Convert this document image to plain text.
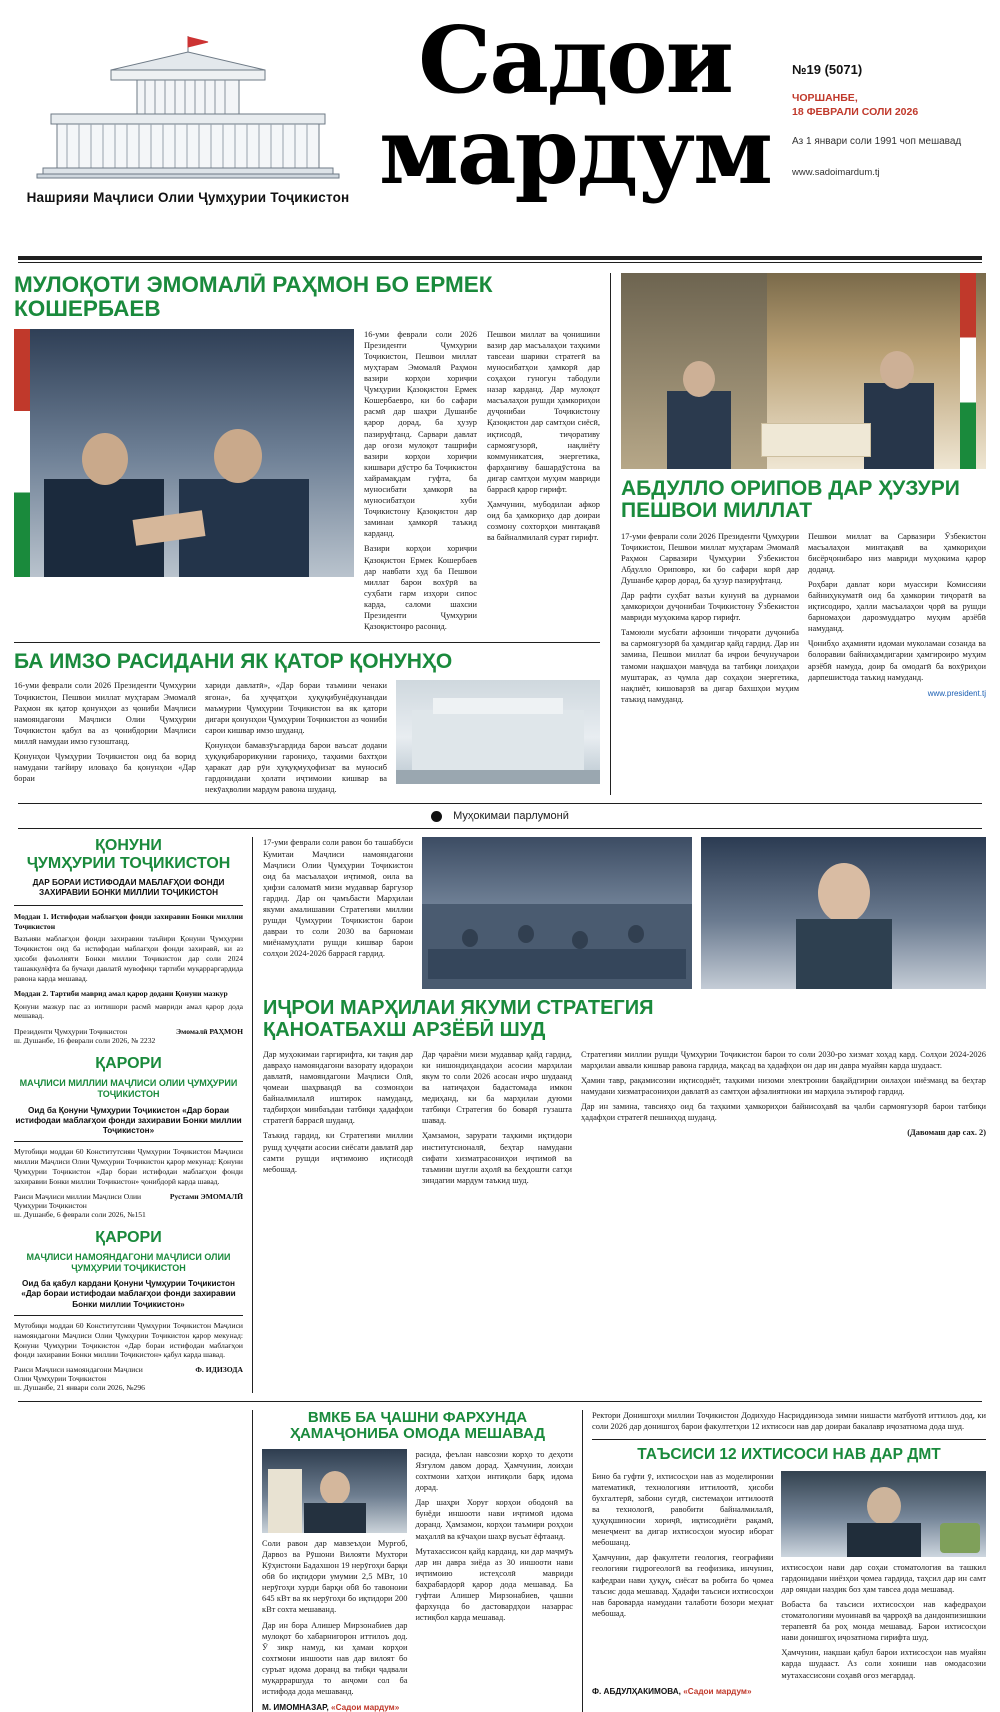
Нашрияи Маҷлиси Олии Ҷумҳурии Тоҷикистон
Садои
мардум
№19 (5071)
ЧОРШАНБЕ,
18 ФЕВРАЛИ СОЛИ 2026
Аз 1 январи соли 1991 чоп мешавад
www.sadoimardum.tj
МУЛОҚОТИ ЭМОМАЛӢ РАҲМОН БО ЕРМЕК КОШЕРБАЕВ
16-уми феврали соли 2026 Президенти Ҷумҳурии Тоҷикистон, Пешвои миллат муҳтарам Эмомалӣ Раҳмон вазири корҳои хориҷии Ҷумҳурии Қазоқистон Ермек Кошербаевро, ки бо сафари расмӣ дар шаҳри Душанбе қарор дорад, ба ҳузур пазируфтанд. Сарвари давлат дар оғози мулоқот ташрифи вазири корҳои хориҷии кишвари дӯстро ба Тоҷикистон хайрамақдам гуфта, ба муносибати ҳамкорӣ ва муносибатҳои хуби Тоҷикистону Қазоқистон дар заминаи ҳамкорӣ таъкид карданд.
Вазири корҳои хориҷии Қазоқистон Ермек Кошербаев дар навбати худ ба Пешвои миллат барои вохӯрӣ ва суҳбати гарм изҳори сипос карда, саломи шахсии Президенти Ҷумҳурии Қазоқистонро расонид.
Пешвои миллат ва ҷонишини вазир дар масъалаҳои таҳкими тавсеаи шарики стратегӣ ва муносибатҳои ҳамкорӣ дар соҳаҳои гуногун табодули назар карданд. Дар мулоқот масъалаҳои рушди ҳамкориҳои дуҷонибаи Тоҷикистону Қазоқистон дар самтҳои сиёсӣ, иқтисодӣ, тиҷоративу сармоягузорӣ, нақлиёту коммуникатсия, энергетика, фарҳангиву башардӯстона ва дигар самтҳои муҳим мавриди баррасӣ қарор гирифт.
Ҳамчунин, мубодилаи афкор оид ба ҳамкориҳо дар доираи созмону сохторҳои минтақавӣ ва байналмилалӣ сурат гирифт.
БА ИМЗО РАСИДАНИ ЯК ҚАТОР ҚОНУНҲО
16-уми феврали соли 2026 Президенти Ҷумҳурии Тоҷикистон, Пешвои миллат муҳтарам Эмомалӣ Раҳмон як қатор қонунҳои аз ҷониби Маҷлиси намояндагони Маҷлиси Олии Ҷумҳурии Тоҷикистон қабул ва аз ҷонибдории Маҷлиси миллӣ намудаи имзо гузоштанд.
Қонунҳои Ҷумҳурии Тоҷикистон оид ба ворид намудани тағйиру иловаҳо ба қонунҳои «Дар бораи
хариди давлатӣ», «Дар бораи таъмини ченаки ягона», ба ҳуҷҷатҳои ҳуқуқибунёдкунандаи маъмурии Ҷумҳурии Тоҷикистон ва як қатори дигари қонунҳои Ҷумҳурии Тоҷикистон аз чониби сарои кишвар имзо шуданд.
Қонунҳои бамавзӯъгардида барои ваъсат додани ҳуқуқибарорикунии гарониҳо, таҳкими бахтҳои ҳаракат дар рӯи ҳуқуқмуҳофизат ва муносиб гардонидани ҳолати иҷтимоии кишвар ва некӯаҳволии мардум равона шуданд.
АБДУЛЛО ОРИПОВ ДАР ҲУЗУРИ ПЕШВОИ МИЛЛАТ
17-уми феврали соли 2026 Президенти Ҷумҳурии Тоҷикистон, Пешвои миллат муҳтарам Эмомалӣ Раҳмон Сарвазири Ҷумҳурии Ӯзбекистон Абдулло Ориповро, ки бо сафари корӣ дар Душанбе қарор дорад, ба ҳузур пазируфтанд.
Дар рафти суҳбат вазъи кунунӣ ва дурнамои ҳамкориҳои дуҷонибаи Тоҷикистону Ӯзбекистон мавриди муҳокима қарор гирифт.
Тамоюли мусбати афзоиши тиҷорати дуҷониба ва сармоягузорӣ ба ҳамдигар қайд гардид. Дар ин замина, Пешвои миллат ба иҷрои бечунучарои тамоми нақшаҳои мавҷуда ва татбиқи лоиҳаҳои муштарак, аз ҷумла дар соҳаҳои энергетика, нақлиёт, кишоварзӣ ва дигар бахшҳои муҳим таъкид намуданд.
Пешвои миллат ва Сарвазири Ӯзбекистон масъалаҳои минтақавӣ ва ҳамкориҳои бисёрҷонибаро низ мавриди муҳокима қарор доданд.
Роҳбари давлат кори муассири Комиссияи байниҳукуматӣ оид ба ҳамкории тиҷоратӣ ва иқтисодиро, ҳалли масъалаҳои ҷорӣ ва рушди барномаҳои дарозмуддатро муҳим арзёбӣ намуданд.
Ҷонибҳо аҳамияти идомаи муколамаи созанда ва болоравии байниҳамдигарии ҳамгироиро муҳим арзёбӣ намуда, доир ба омодагӣ ба вохӯриҳои дарпешистода таъкид намуданд.
www.president.tj
Муҳокимаи парлумонӣ
ҚОНУНИ
ҶУМҲУРИИ ТОҶИКИСТОН
ДАР БОРАИ ИСТИФОДАИ МАБЛАҒҲОИ ФОНДИ ЗАХИРАВИИ БОНКИ МИЛЛИИ ТОҶИКИСТОН
Моддаи 1. Истифодаи маблағҳои фонди захиравии Бонки миллии Тоҷикистон
Вазъияи маблағҳои фонди захиравии таъйири Қонуни Ҷумҳурии Тоҷикистон оид ба истифодаи маблағҳои фонди захиравӣ, ки аз ҳисоби фаъолияти Бонки миллии Тоҷикистон дар соли 2024 ташаккулёфта ба бучаҳи давлатӣ мувофиқи тартиби муқарраргардида равона карда мешавад.
Моддаи 2. Тартиби маврид амал қарор додани Қонуни мазкур
Қонуни мазкур пас аз интишори расмӣ мавриди амал қарор дода мешавад.
Президенти Ҷумҳурии Тоҷикистон	Эмомалӣ РАҲМОН
ш. Душанбе, 16 феврали соли 2026, № 2232
ҚАРОРИ
МАҶЛИСИ МИЛЛИИ МАҶЛИСИ ОЛИИ ҶУМҲУРИИ ТОҶИКИСТОН
Оид ба Қонуни Ҷумҳурии Тоҷикистон «Дар бораи истифодаи маблағҳои фонди захиравии Бонки миллии Тоҷикистон»
Мутобиқи моддаи 60 Конститутсияи Ҷумҳурии Тоҷикистон Маҷлиси миллии Маҷлиси Олии Ҷумҳурии Тоҷикистон қарор мекунад: Қонуни Ҷумҳурии Тоҷикистон «Дар бораи истифодаи маблағҳои фонди захиравии Бонки миллии Тоҷикистон» ҷонибдорӣ карда шавад.
Раиси Маҷлиси миллии Маҷлиси Олии Ҷумҳурии Тоҷикистон
Рустами ЭМОМАЛӢ
ш. Душанбе, 6 феврали соли 2026, №151
ҚАРОРИ
МАҶЛИСИ НАМОЯНДАГОНИ МАҶЛИСИ ОЛИИ ҶУМҲУРИИ ТОҶИКИСТОН
Оид ба қабул кардани Қонуни Ҷумҳурии Тоҷикистон «Дар бораи истифодаи маблағҳои фонди захиравии Бонки миллии Тоҷикистон»
Мутобиқи моддаи 60 Конститутсияи Ҷумҳурии Тоҷикистон Маҷлиси намояндагони Маҷлиси Олии Ҷумҳурии Тоҷикистон қарор мекунад: Қонуни Ҷумҳурии Тоҷикистон «Дар бораи истифодаи маблағҳои фонди захиравии Бонки миллии Тоҷикистон» қабул карда шавад.
Раиси Маҷлиси намояндагони Маҷлиси Олии Ҷумҳурии Тоҷикистон
Ф. ИДИЗОДА
ш. Душанбе, 21 январи соли 2026, №296
17-уми феврали соли равон бо ташаббуси Кумитаи Маҷлиси намояндагони Маҷлиси Олии Ҷумҳурии Тоҷикистон оид ба масъалаҳои иҷтимоӣ, оила ва ҳифзи саломатӣ мизи мудаввар баргузор гардид. Дар он ҷамъбасти Марҳилаи якуми амалишавии Стратегияи миллии рушди Ҷумҳурии Тоҷикистон барои давраи то соли 2030 ва барномаи миёнамуҳлати рушди кишвар барои солҳои 2024-2026 баррасӣ гардид.
ИҶРОИ МАРҲИЛАИ ЯКУМИ СТРАТЕГИЯ
ҚАНОАТБАХШ АРЗЁБӢ ШУД
Дар муҳокимаи гаргирифта, ки тақия дар давраҳо намояндагони вазорату идораҳои давлатӣ, намояндагони Маҷлиси Олӣ, ҷомеаи шаҳрвандӣ ва созмонҳои байналмилалӣ иштирок намуданд, тадбирҳои минбаъдаи татбиқи ҳадафҳои стратегӣ баррасӣ шуданд.
Таъкид гардид, ки Стратегияи миллии рушд ҳуҷҷати асосии сиёсати давлатӣ дар самти рушди иҷтимоию иқтисодӣ мебошад.
Дар ҷараёни мизи мудаввар қайд гардид, ки нишондиҳандаҳои асосии марҳилаи якум то соли 2026 асосан иҷро шудаанд ва натиҷаҳои бадастомада имкон медиҳанд, ки ба марҳилаи дуюми татбиқи Стратегия бо боварӣ гузашта шавад.
Ҳамзамон, зарурати таҳкими иқтидори институтсионалӣ, беҳтар намудани сифати хизматрасониҳои иҷтимоӣ ва таъмини шуғли аҳолӣ ва беҳдошти сатҳи зиндагии мардум таъкид шуд.
Стратегияи миллии рушди Ҷумҳурии Тоҷикистон барои то соли 2030-ро хизмат хоҳад кард. Солҳои 2024-2026 марҳилаи аввали кишвар равона гардида, мақсад ва ҳадафҳои он дар ин давра муайян карда шудааст.
Ҳамин тавр, рақамисозии иқтисодиёт, таҳкими низоми электронии бақайдгирии оилаҳои ниёзманд ва беҳтар намудани хизматрасониҳои давлатӣ аз самтҳои афзалиятноки ин марҳила эътироф гардид.
Дар ин замина, тавсияҳо оид ба таҳкими ҳамкориҳои байнисоҳавӣ ва ҷалби сармоягузорӣ барои татбиқи ҳадафҳои стратегӣ пешниҳод шуданд.
(Давомаш дар сах. 2)
ВМКБ БА ҶАШНИ ФАРХУНДА
ҲАМАҶОНИБА ОМОДА МЕШАВАД
Соли равон дар мавзеъҳои Мурғоб, Дарвоз ва Рӯшони Вилояти Мухтори Кӯҳистони Бадахшон 19 нерӯгоҳи барқи обӣ бо иқтидори умумии 2,5 МВт, 10 нерӯгоҳи хурди барқи обӣ бо тавоноии 645 кВт ва як нерӯгоҳи бо иқтидори 200 кВт сохта мешаванд.
Дар ин бора Алишер Мирзонабиев дар мулоқот бо хабарнигорон иттилоъ дод. Ӯ зикр намуд, ки ҳамаи корҳои сохтмони иншооти нав дар вилоят бо суръат идома доранд ва тибқи ҷадвали муқарраршуда то анҷоми сол ба истифода дода мешаванд.
расида, феълан навсозии корҳо то деҳоти Язғулом давом дорад. Ҳамчунин, лоиҳаи сохтмони хатҳои интиқоли барқ идома дорад.
Дар шаҳри Хоруғ корҳои ободонӣ ва бунёди иншооти нави иҷтимоӣ идома доранд. Ҳамзамон, корҳои таъмири роҳҳои маҳаллӣ ва кӯчаҳои шаҳр вусъат ёфтаанд.
Мутахассисон қайд карданд, ки дар маҷмӯъ дар ин давра зиёда аз 30 иншооти нави иҷтимоию истеҳсолӣ мавриди баҳрабардорӣ қарор дода мешавад. Ба гуфтаи Алишер Мирзонабиев, ҷашни фархунда бо дастовардҳои назаррас истиқбол карда мешавад.
М. ИМОМНАЗАР, «Садои мардум»
Ректори Донишгоҳи миллии Тоҷикистон Додихудо Насриддинзода зимни нишасти матбуотӣ иттилоъ дод, ки соли 2026 дар донишгоҳ барои факултетҳои 12 ихтисоси нав дар доираи бакалавр иҷозатнома дода шуд.
ТАЪСИСИ 12 ИХТИСОСИ НАВ ДАР ДМТ
Бино ба гуфти ӯ, ихтисосҳои нав аз моделиронии математикӣ, технологияи иттилоотӣ, ҳисоби бухгалтерӣ, забони суғдӣ, системаҳои иттилоотӣ ва технологӣ, равобити байналмилалӣ, ҳуқуқшиносии хориҷӣ, иқтисодиёти рақамӣ, менеҷмент ва дигар ихтисосҳои муосир иборат мебошанд.
Ҳамчунин, дар факултети геология, географияи геологияи гидрогеологӣ ва геофизика, инчунин, кафедраи нави ҳуқуқ, сиёсат ва робита бо ҷомеа таъсис дода мешавад. Ҳадафи таъсиси ихтисосҳои нав бароварда намудани талаботи бозори меҳнат мебошад.
ихтисосҳои нави дар соҳаи стоматология ва ташкил гардонидани ниёзҳои ҷомеа гардида, таҳсил дар ин самт дар ояндаи наздик боз ҳам тавсеа дода мешавад.
Вобаста ба таъсиси ихтисосҳои нав кафедраҳои стоматологияи муоинавӣ ва ҷарроҳӣ ва дандонпизишкии терапевтӣ ба роҳ монда мешавад. Барои ихтисосҳои нави донишгоҳ иҷозатнома гирифта шуд.
Ҳамчунин, нақшаи қабул барои ихтисосҳои нав муайян карда шудааст. Аз соли хониши нав омодасозии мутахассисони соҳавӣ оғоз мегардад.
Ф. АБДУЛҲАКИМОВА, «Садои мардум»
